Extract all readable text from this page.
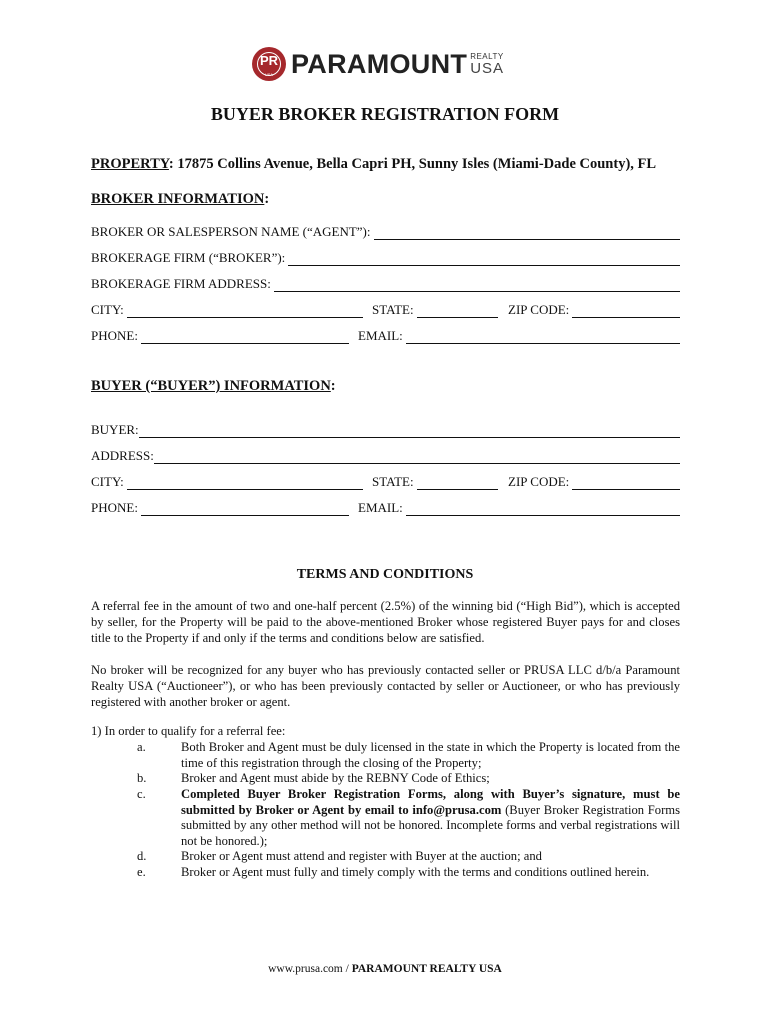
PR
USA PARAMOUNT REALTY
USA
BUYER BROKER REGISTRATION FORM
PROPERTY: 17875 Collins Avenue, Bella Capri PH, Sunny Isles (Miami-Dade County), FL
BROKER INFORMATION:
BROKER OR SALESPERSON NAME (“AGENT”):
BROKERAGE FIRM (“BROKER”):
BROKERAGE FIRM ADDRESS:
CITY:	STATE:	ZIP CODE:
PHONE:	EMAIL:
BUYER (“BUYER”) INFORMATION:
BUYER:
ADDRESS:
CITY:	STATE:	ZIP CODE:
PHONE:	EMAIL:
TERMS AND CONDITIONS
A referral fee in the amount of two and one-half percent (2.5%) of the winning bid (“High Bid”), which is accepted by seller, for the Property will be paid to the above-mentioned Broker whose registered Buyer pays for and closes title to the Property if and only if the terms and conditions below are satisfied.
No broker will be recognized for any buyer who has previously contacted seller or PRUSA LLC d/b/a Paramount Realty USA (“Auctioneer”), or who has been previously contacted by seller or Auctioneer, or who has previously registered with another broker or agent.
1) In order to qualify for a referral fee:
a.	Both Broker and Agent must be duly licensed in the state in which the Property is located from the time of this registration through the closing of the Property;
b.	Broker and Agent must abide by the REBNY Code of Ethics;
c.	Completed Buyer Broker Registration Forms, along with Buyer’s signature, must be submitted by Broker or Agent by email to info@prusa.com (Buyer Broker Registration Forms submitted by any other method will not be honored. Incomplete forms and verbal registrations will not be honored.);
d.	Broker or Agent must attend and register with Buyer at the auction; and
e.	Broker or Agent must fully and timely comply with the terms and conditions outlined herein.
www.prusa.com / PARAMOUNT REALTY USA
